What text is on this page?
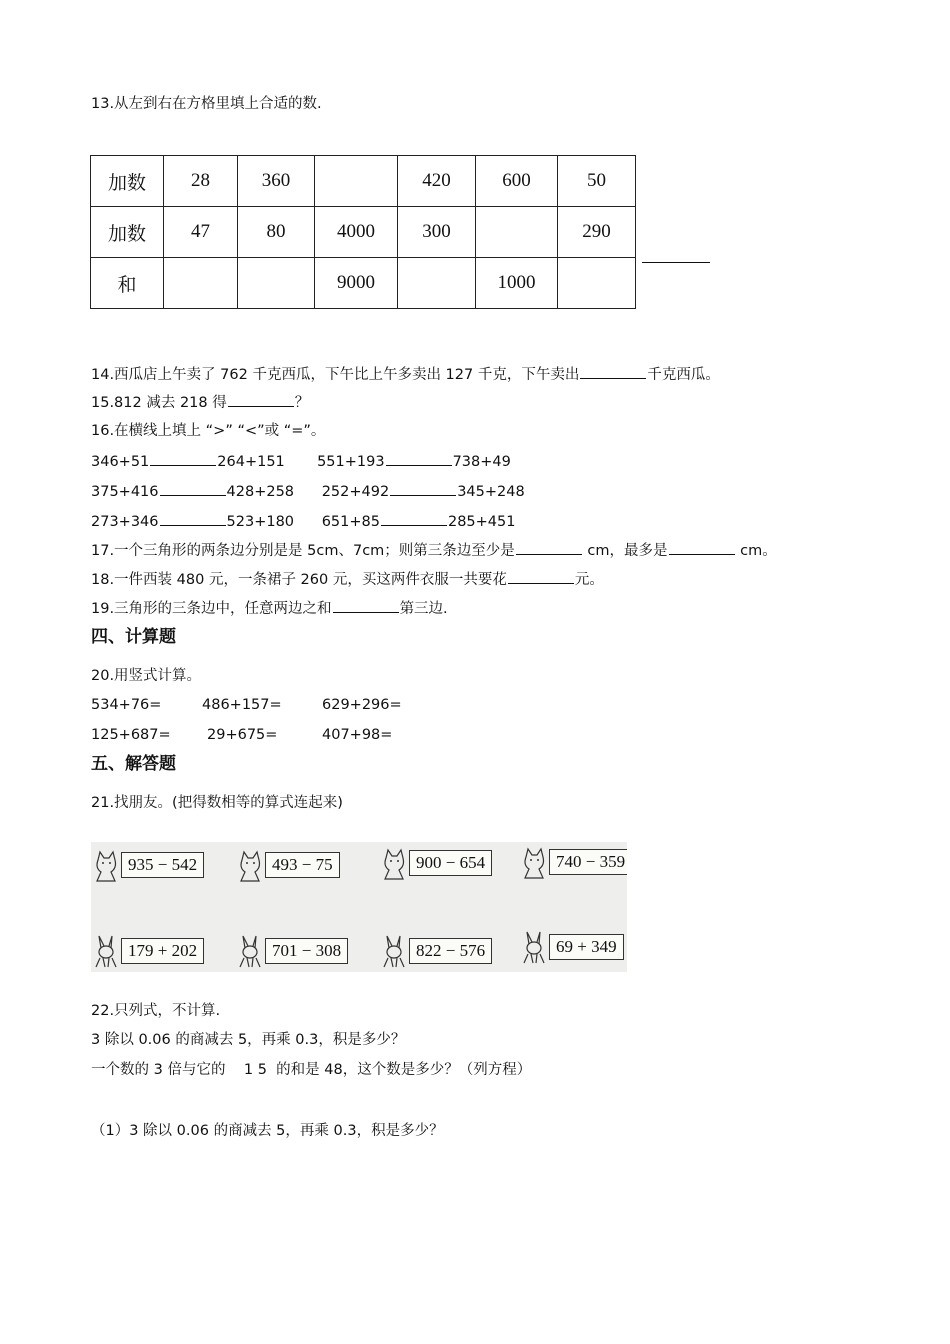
13.从左到右在方格里填上合适的数.
加数	28	360		420	600	50
加数	47	80	4000	300		290
和			9000		1000	
14.西瓜店上午卖了 762 千克西瓜，下午比上午多卖出 127 千克，下午卖出	千克西瓜。
15.812 减去 218 得	？
16.在横线上填上 “>” “<”或 “=”。
346+51	264+151 551+193	738+49
375+416	428+258 252+492	345+248
273+346	523+180 651+85	285+451
17.一个三角形的两条边分别是是 5cm、7cm；则第三条边至少是	cm，最多是	cm。
18.一件西装 480 元，一条裙子 260 元，买这两件衣服一共要花	元。
19.三角形的三条边中，任意两边之和	第三边.
四、计算题
20.用竖式计算。
534+76=	486+157=	629+296=
125+687=	29+675=	407+98=
五、解答题
21.找朋友。(把得数相等的算式连起来)
935 − 542	493 − 75	900 − 654	740 − 359
179 + 202	701 − 308	822 − 576	69 + 349
22.只列式，不计算.
3 除以 0.06 的商减去 5，再乘 0.3，积是多少？
一个数的 3 倍与它的    1 5  的和是 48，这个数是多少？（列方程）
（1）3 除以 0.06 的商减去 5，再乘 0.3，积是多少？
